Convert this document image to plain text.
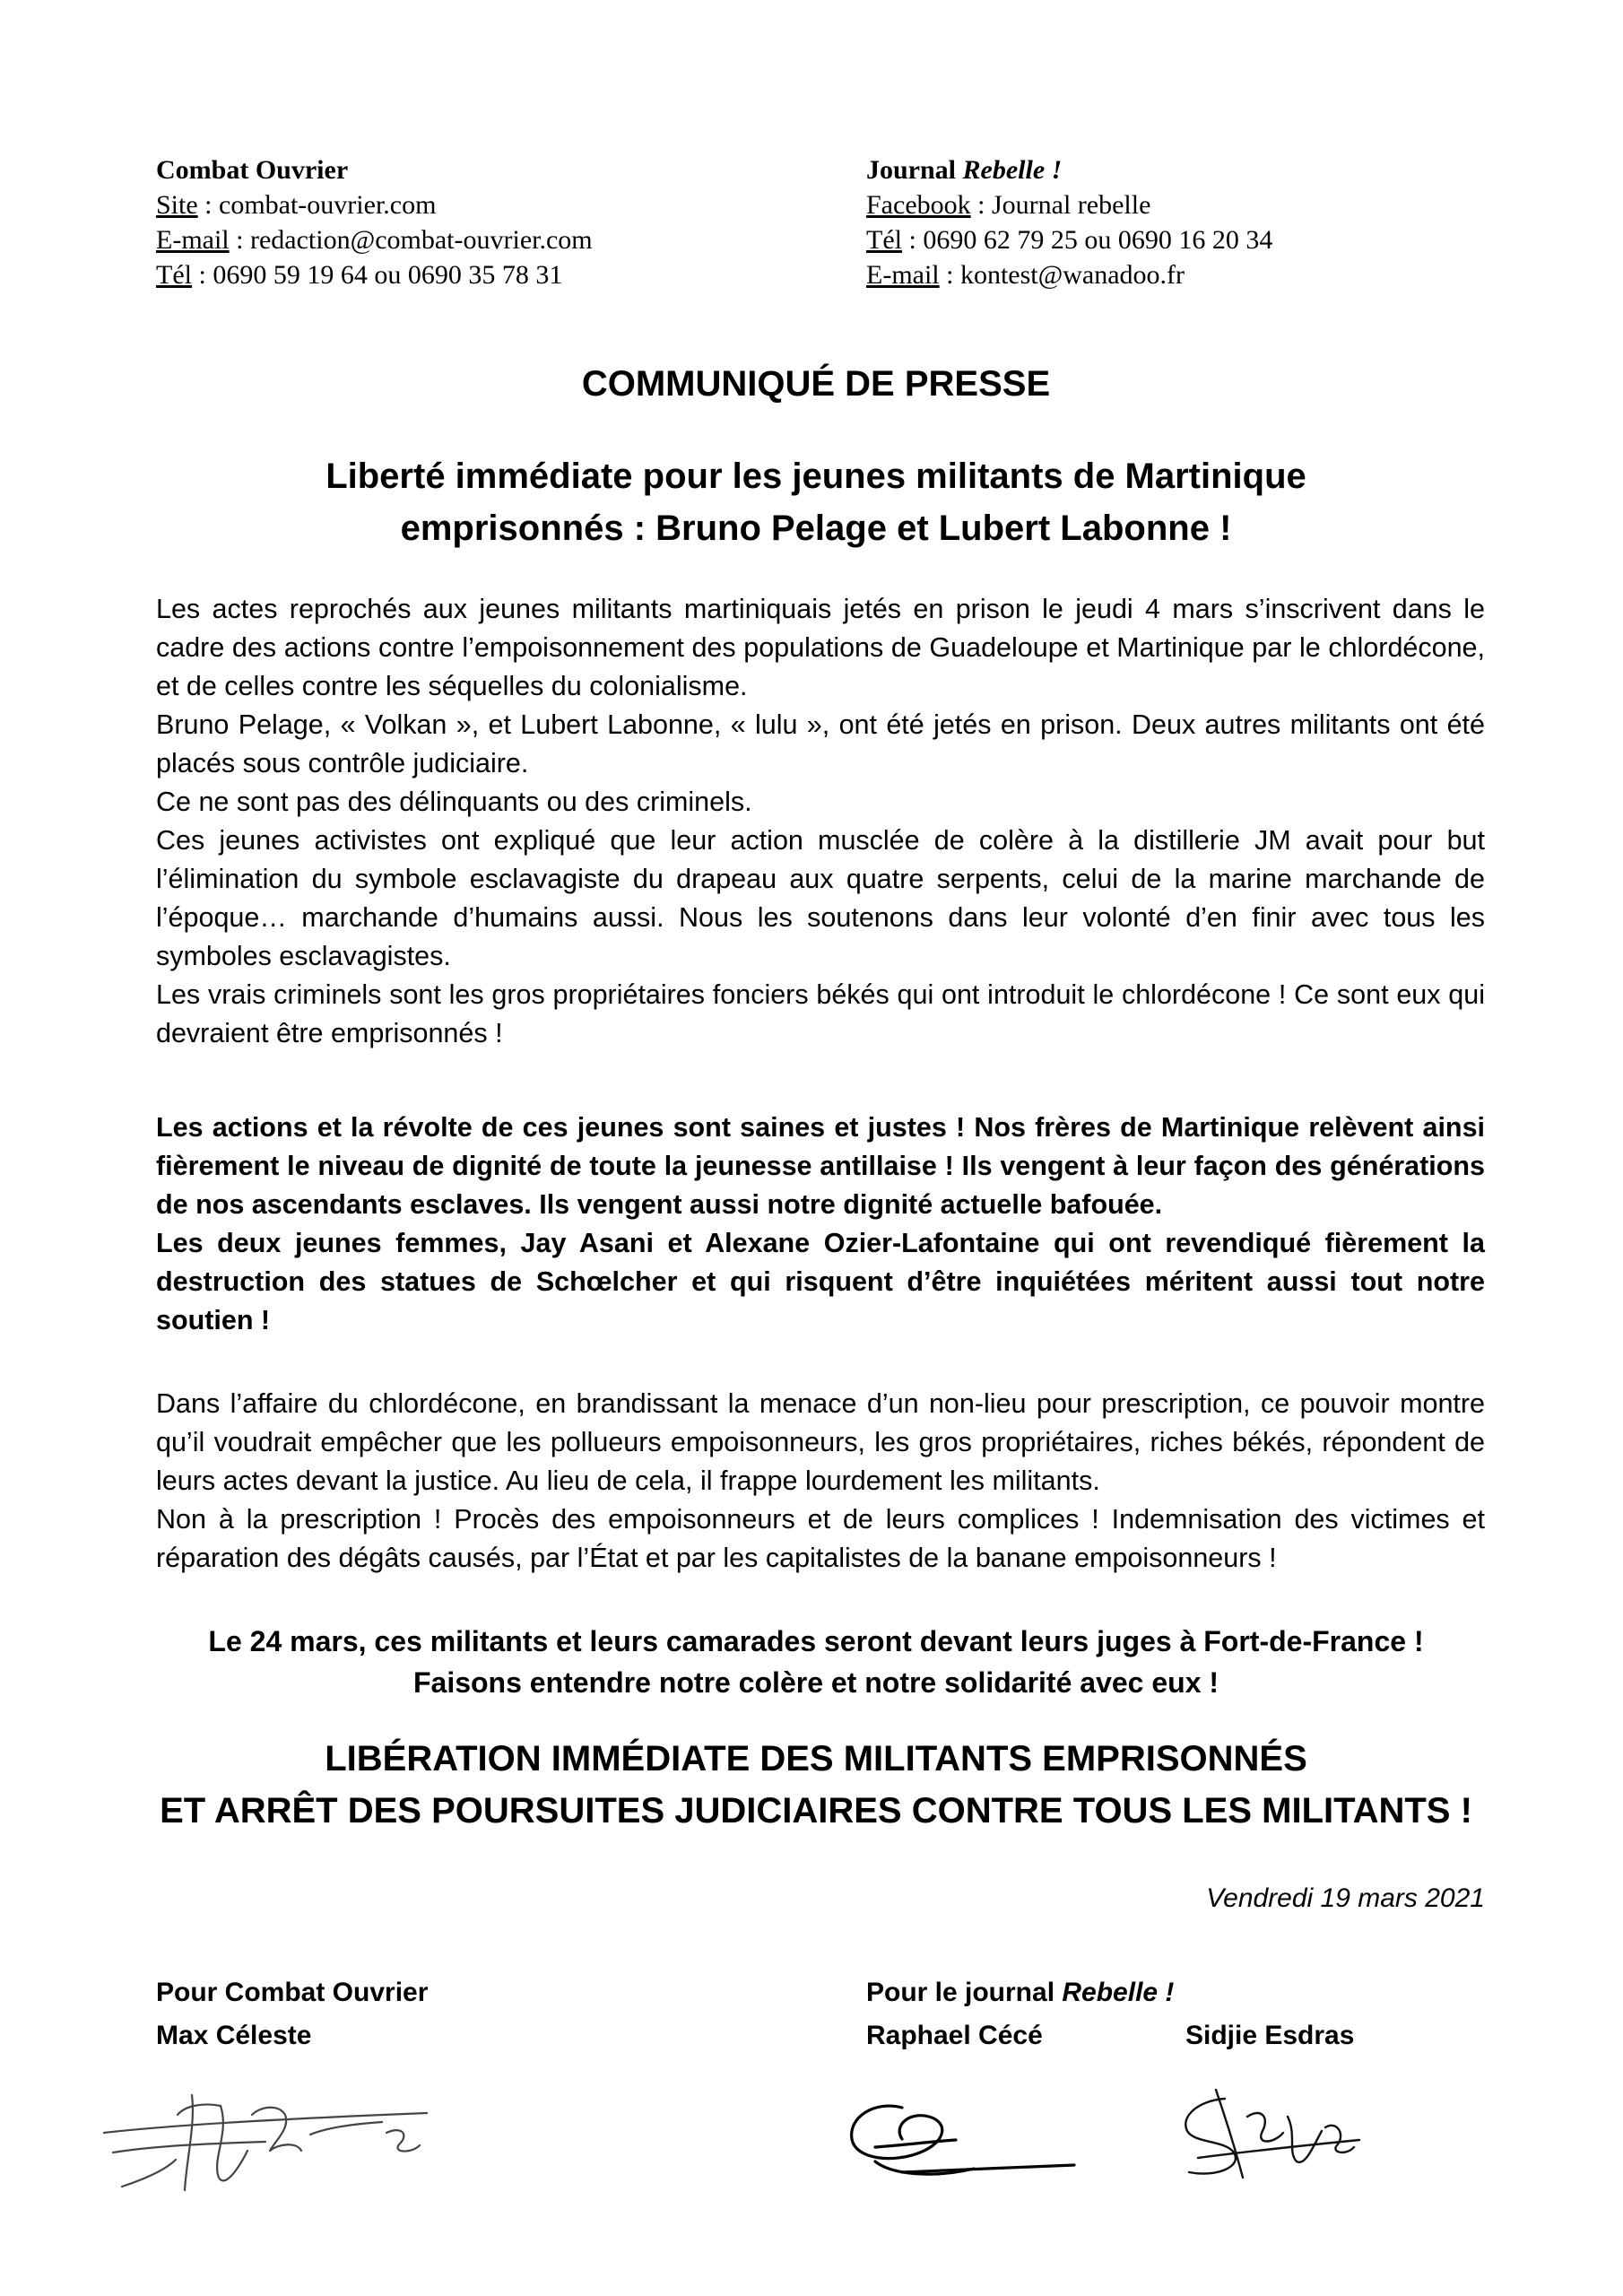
Combat Ouvrier
Site : combat-ouvrier.com
E-mail : redaction@combat-ouvrier.com
Tél : 0690 59 19 64 ou 0690 35 78 31
Journal Rebelle !
Facebook : Journal rebelle
Tél : 0690 62 79 25 ou 0690 16 20 34
E-mail : kontest@wanadoo.fr
COMMUNIQUÉ DE PRESSE
Liberté immédiate pour les jeunes militants de Martinique
emprisonnés : Bruno Pelage et Lubert Labonne !

Les actes reprochés aux jeunes militants martiniquais jetés en prison le jeudi 4 mars s’inscrivent dans le cadre des actions contre l’empoisonnement des populations de Guadeloupe et Martinique par le chlordécone, et de celles contre les séquelles du colonialisme.

Bruno Pelage, « Volkan », et Lubert Labonne, « lulu », ont été jetés en prison. Deux autres militants ont été placés sous contrôle judiciaire.

Ce ne sont pas des délinquants ou des criminels.

Ces jeunes activistes ont expliqué que leur action musclée de colère à la distillerie JM avait pour but l’élimination du symbole esclavagiste du drapeau aux quatre serpents, celui de la marine marchande de l’époque… marchande d’humains aussi. Nous les soutenons dans leur volonté d’en finir avec tous les symboles esclavagistes.

Les vrais criminels sont les gros propriétaires fonciers békés qui ont introduit le chlordécone ! Ce sont eux qui devraient être emprisonnés !

Les actions et la révolte de ces jeunes sont saines et justes ! Nos frères de Martinique relèvent ainsi fièrement le niveau de dignité de toute la jeunesse antillaise ! Ils vengent à leur façon des générations de nos ascendants esclaves. Ils vengent aussi notre dignité actuelle bafouée.

Les deux jeunes femmes, Jay Asani et Alexane Ozier-Lafontaine qui ont revendiqué fièrement la destruction des statues de Schœlcher et qui risquent d’être inquiétées méritent aussi tout notre soutien !

Dans l’affaire du chlordécone, en brandissant la menace d’un non-lieu pour prescription, ce pouvoir montre qu’il voudrait empêcher que les pollueurs empoisonneurs, les gros propriétaires, riches békés, répondent de leurs actes devant la justice. Au lieu de cela, il frappe lourdement les militants.

Non à la prescription ! Procès des empoisonneurs et de leurs complices ! Indemnisation des victimes et réparation des dégâts causés, par l’État et par les capitalistes de la banane empoisonneurs !

Le 24 mars, ces militants et leurs camarades seront devant leurs juges à Fort-de-France !
Faisons entendre notre colère et notre solidarité avec eux !
LIBÉRATION IMMÉDIATE DES MILITANTS EMPRISONNÉS
ET ARRÊT DES POURSUITES JUDICIAIRES CONTRE TOUS LES MILITANTS !
Vendredi 19 mars 2021
Pour Combat Ouvrier
Max Céleste
Pour le journal Rebelle !
Raphael Cécé	Sidjie Esdras
